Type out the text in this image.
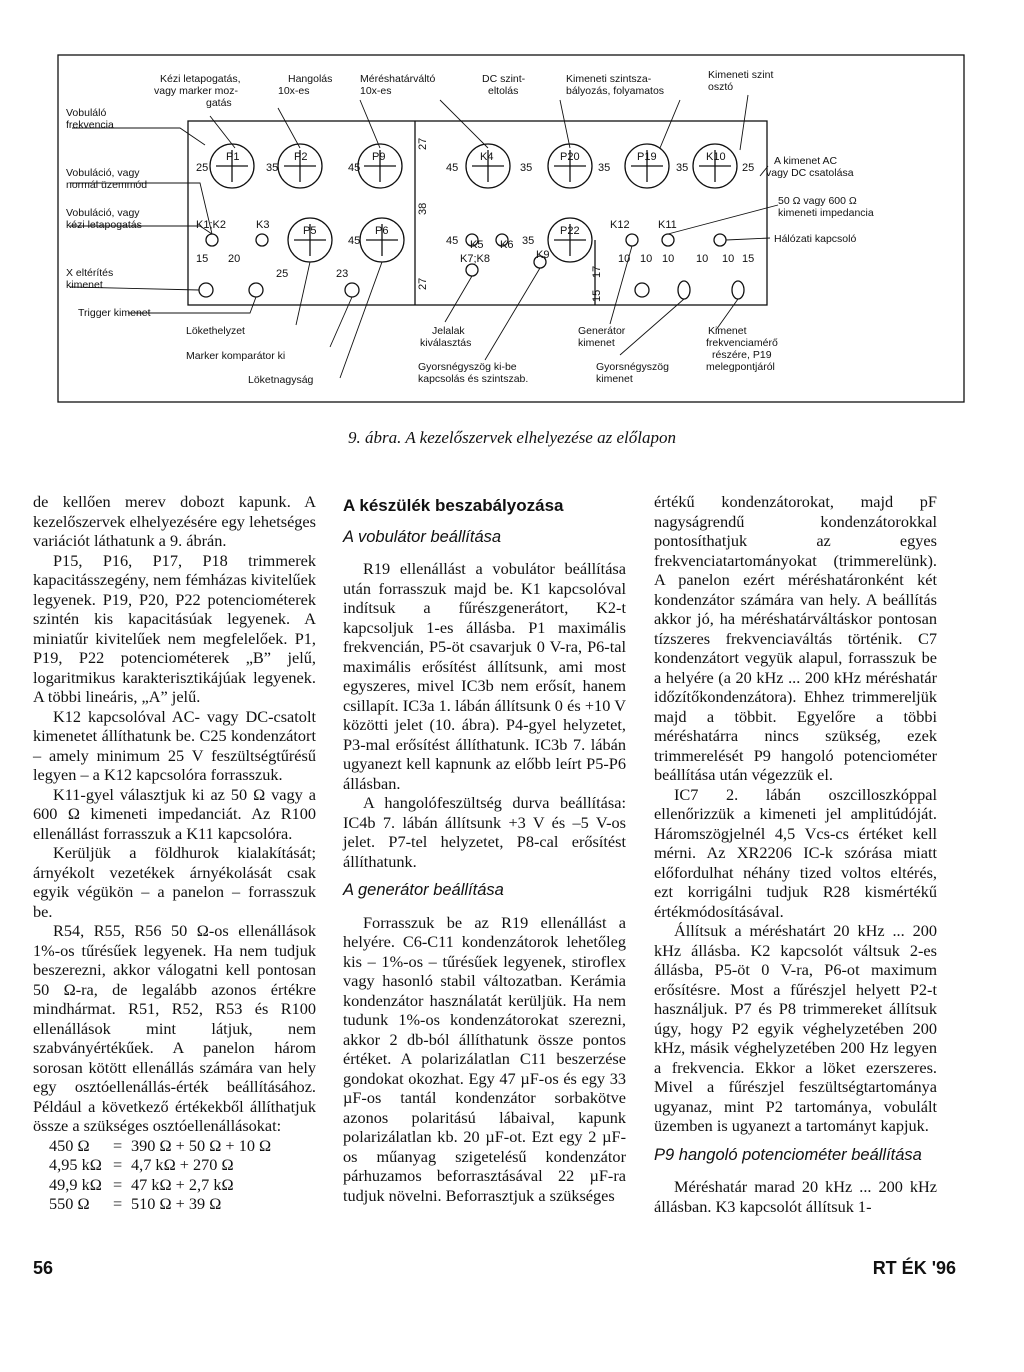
25	35	45	45	35	35	35	25
15 20
25	23
45	45	35
10 10 10 10 10 15
27
38
27
17
15
P1	P2	P9	K4	P20	P19	K10
P5	P6	P22
K1;K2	K3
K5 K6
K7;K8	K9
K12	K11
Vobuláló frekvencia
Kézi letapogatás, vagy marker moz-gatás
Hangolás 10x-es
Méréshatárváltó 10x-es
DC szint-eltolás
Kimeneti szintsza-bályozás, folyamatos
Kimeneti szint osztó
Vobuláció, vagy normál üzemmód
Vobuláció, vagy kézi letapogatás
X eltérítés kimenet
A kimenet AC vagy DC csatolása
50 Ω vagy 600 Ω kimeneti impedancia
Hálózati kapcsoló
Trigger kimenet
Lökethelyzet
Marker komparátor ki
Löketnagyság
Jelalak kiválasztás
Gyorsnégyszög ki-be kapcsolás és szintszab.
Generátor kimenet
Gyorsnégyszög kimenet
Kimenet frekvenciamérő részére, P19 melegpontjáról
9. ábra. A kezelőszervek elhelyezése az előlapon

de kellően merev dobozt kapunk. A kezelőszervek elhelyezésére egy lehetséges variációt láthatunk a 9. ábrán.

P15, P16, P17, P18 trimmerek kapacitásszegény, nem fémházas kivitelűek legyenek. P19, P20, P22 potenciométerek szintén kis kapacitásúak legyenek. A miniatűr kivitelűek nem megfelelőek. P1, P19, P22 potenciométerek „B” jelű, logaritmikus karakterisztikájúak legyenek. A többi lineáris, „A” jelű.

K12 kapcsolóval AC- vagy DC-csatolt kimenetet állíthatunk be. C25 kondenzátort – amely minimum 25 V feszültségtűrésű legyen – a K12 kapcsolóra forrasszuk.

K11-gyel választjuk ki az 50 Ω vagy a 600 Ω kimeneti impedanciát. Az R100 ellenállást forrasszuk a K11 kapcsolóra.

Kerüljük a földhurok kialakítását; árnyékolt vezetékek árnyékolását csak egyik végükön – a panelon – forrasszuk be.

R54, R55, R56 50 Ω-os ellenállások 1%-os tűrésűek legyenek. Ha nem tudjuk beszerezni, akkor válogatni kell pontosan 50 Ω-ra, de legalább azonos értékre mindhármat. R51, R52, R53 és R100 ellenállások mint látjuk, nem szabványértékűek. A panelon három sorosan kötött ellenállás számára van hely egy osztóellenállás-érték beállításához. Például a következő értékekből állíthatjuk össze a szükséges osztóellenállásokat:

450 Ω	= 390 Ω + 50 Ω + 10 Ω
4,95 kΩ = 4,7 kΩ + 270 Ω
49,9 kΩ = 47 kΩ + 2,7 kΩ
550 Ω	= 510 Ω + 39 Ω
A készülék beszabályozása
A vobulátor beállítása

R19 ellenállást a vobulátor beállítása után forrasszuk majd be. K1 kapcsolóval indítsuk a fűrészgenerátort, K2-t kapcsoljuk 1-es állásba. P1 maximális frekvencián, P5-öt csavarjuk 0 V-ra, P6-tal maximális erősítést állítsunk, ami most egyszeres, mivel IC3b nem erősít, hanem csillapít. IC3a 1. lábán állítsunk 0 és +10 V közötti jelet (10. ábra). P4-gyel helyzetet, P3-mal erősítést állíthatunk. IC3b 7. lábán ugyanezt kell kapnunk az előbb leírt P5-P6 állásban.

A hangolófeszültség durva beállítása: IC4b 7. lábán állítsunk +3 V és –5 V-os jelet. P7-tel helyzetet, P8-cal erősítést állíthatunk.

A generátor beállítása

Forrasszuk be az R19 ellenállást a helyére. C6-C11 kondenzátorok lehetőleg kis – 1%-os – tűrésűek legyenek, stiroflex vagy hasonló stabil változatban. Kerámia kondenzátor használatát kerüljük. Ha nem tudunk 1%-os kondenzátorokat szerezni, akkor 2 db-ból állíthatunk össze pontos értéket. A polarizálatlan C11 beszerzése gondokat okozhat. Egy 47 µF-os és egy 33 µF-os tantál kondenzátor sorbakötve azonos polaritású lábaival, kapunk polarizálatlan kb. 20 µF-ot. Ezt egy 2 µF-os műanyag szigetelésű kondenzátor párhuzamos beforrasztásával 22 µF-ra tudjuk növelni. Beforrasztjuk a szükséges

értékű kondenzátorokat, majd pF nagyságrendű kondenzátorokkal pontosíthatjuk az egyes frekvenciatartományokat (trimmerelünk). A panelon ezért méréshatáronként két kondenzátor számára van hely. A beállítás akkor jó, ha méréshatárváltáskor pontosan tízszeres frekvenciaváltás történik. C7 kondenzátort vegyük alapul, forrasszuk be a helyére (a 20 kHz ... 200 kHz méréshatár időzítőkondenzátora). Ehhez trimmereljük majd a többit. Egyelőre a többi méréshatárra nincs szükség, ezek trimmerelését P9 hangoló potenciométer beállítása után végezzük el.

IC7 2. lábán oszcilloszkóppal ellenőrizzük a kimeneti jel amplitúdóját. Háromszögjelnél 4,5 Vcs-cs értéket kell mérni. Az XR2206 IC-k szórása miatt előfordulhat néhány tized voltos eltérés, ezt korrigálni tudjuk R28 kismértékű értékmódosításával.

Állítsuk a méréshatárt 20 kHz ... 200 kHz állásba. K2 kapcsolót váltsuk 2-es állásba, P5-öt 0 V-ra, P6-ot maximum erősítésre. Most a fűrészjel helyett P2-t használjuk. P7 és P8 trimmereket állítsuk úgy, hogy P2 egyik véghelyzetében 200 kHz, másik véghelyzetében 200 Hz legyen a frekvencia. Ekkor a löket ezerszeres. Mivel a fűrészjel feszültségtartománya ugyanaz, mint P2 tartománya, vobulált üzemben is ugyanezt a tartományt kapjuk.

P9 hangoló potenciométer beállítása

Méréshatár marad 20 kHz ... 200 kHz állásban. K3 kapcsolót állítsuk 1-

56	RT ÉK '96
